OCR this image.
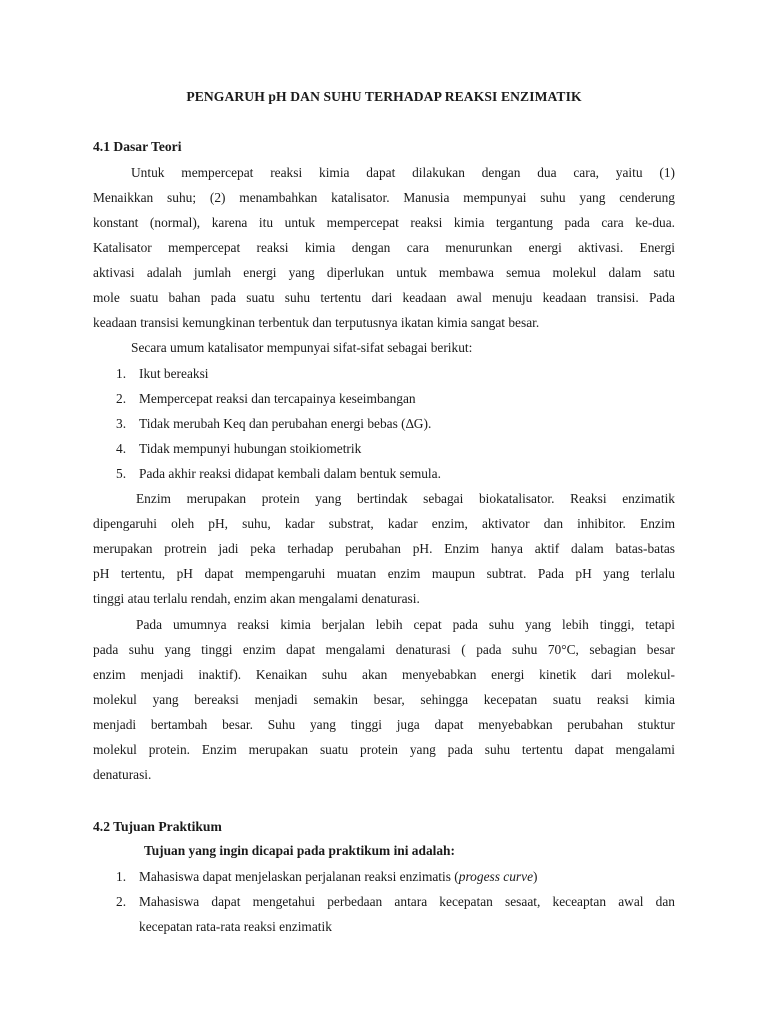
PENGARUH pH DAN SUHU TERHADAP REAKSI ENZIMATIK
4.1 Dasar Teori
Untuk mempercepat reaksi kimia dapat dilakukan dengan dua cara, yaitu (1)
Menaikkan suhu; (2) menambahkan katalisator. Manusia mempunyai suhu yang cenderung
konstant (normal), karena itu untuk mempercepat reaksi kimia tergantung pada cara ke-dua.
Katalisator mempercepat reaksi kimia dengan cara menurunkan energi aktivasi. Energi
aktivasi adalah jumlah energi yang diperlukan untuk membawa semua molekul dalam satu
mole suatu bahan pada suatu suhu tertentu dari keadaan awal menuju keadaan transisi. Pada
keadaan transisi kemungkinan terbentuk dan terputusnya ikatan kimia sangat besar.
Secara umum katalisator mempunyai sifat-sifat sebagai berikut:
1. Ikut bereaksi
2. Mempercepat reaksi dan tercapainya keseimbangan
3. Tidak merubah Keq dan perubahan energi bebas (∆G).
4. Tidak mempunyi hubungan stoikiometrik
5. Pada akhir reaksi didapat kembali dalam bentuk semula.
Enzim merupakan protein yang bertindak sebagai biokatalisator. Reaksi enzimatik
dipengaruhi oleh pH, suhu, kadar substrat, kadar enzim, aktivator dan inhibitor. Enzim
merupakan protrein jadi peka terhadap perubahan pH. Enzim hanya aktif dalam batas-batas
pH tertentu, pH dapat mempengaruhi muatan enzim maupun subtrat. Pada pH yang terlalu
tinggi atau terlalu rendah, enzim akan mengalami denaturasi.
Pada umumnya reaksi kimia berjalan lebih cepat pada suhu yang lebih tinggi, tetapi
pada suhu yang tinggi enzim dapat mengalami denaturasi ( pada suhu 70°C, sebagian besar
enzim menjadi inaktif). Kenaikan suhu akan menyebabkan energi kinetik dari molekul-
molekul yang bereaksi menjadi semakin besar, sehingga kecepatan suatu reaksi kimia
menjadi bertambah besar. Suhu yang tinggi juga dapat menyebabkan perubahan stuktur
molekul protein. Enzim merupakan suatu protein yang pada suhu tertentu dapat mengalami
denaturasi.
4.2 Tujuan Praktikum
Tujuan yang ingin dicapai pada praktikum ini adalah:
1. Mahasiswa dapat menjelaskan perjalanan reaksi enzimatis (progess curve)
2. Mahasiswa dapat mengetahui perbedaan antara kecepatan sesaat, keceaptan awal dan
kecepatan rata-rata reaksi enzimatik
